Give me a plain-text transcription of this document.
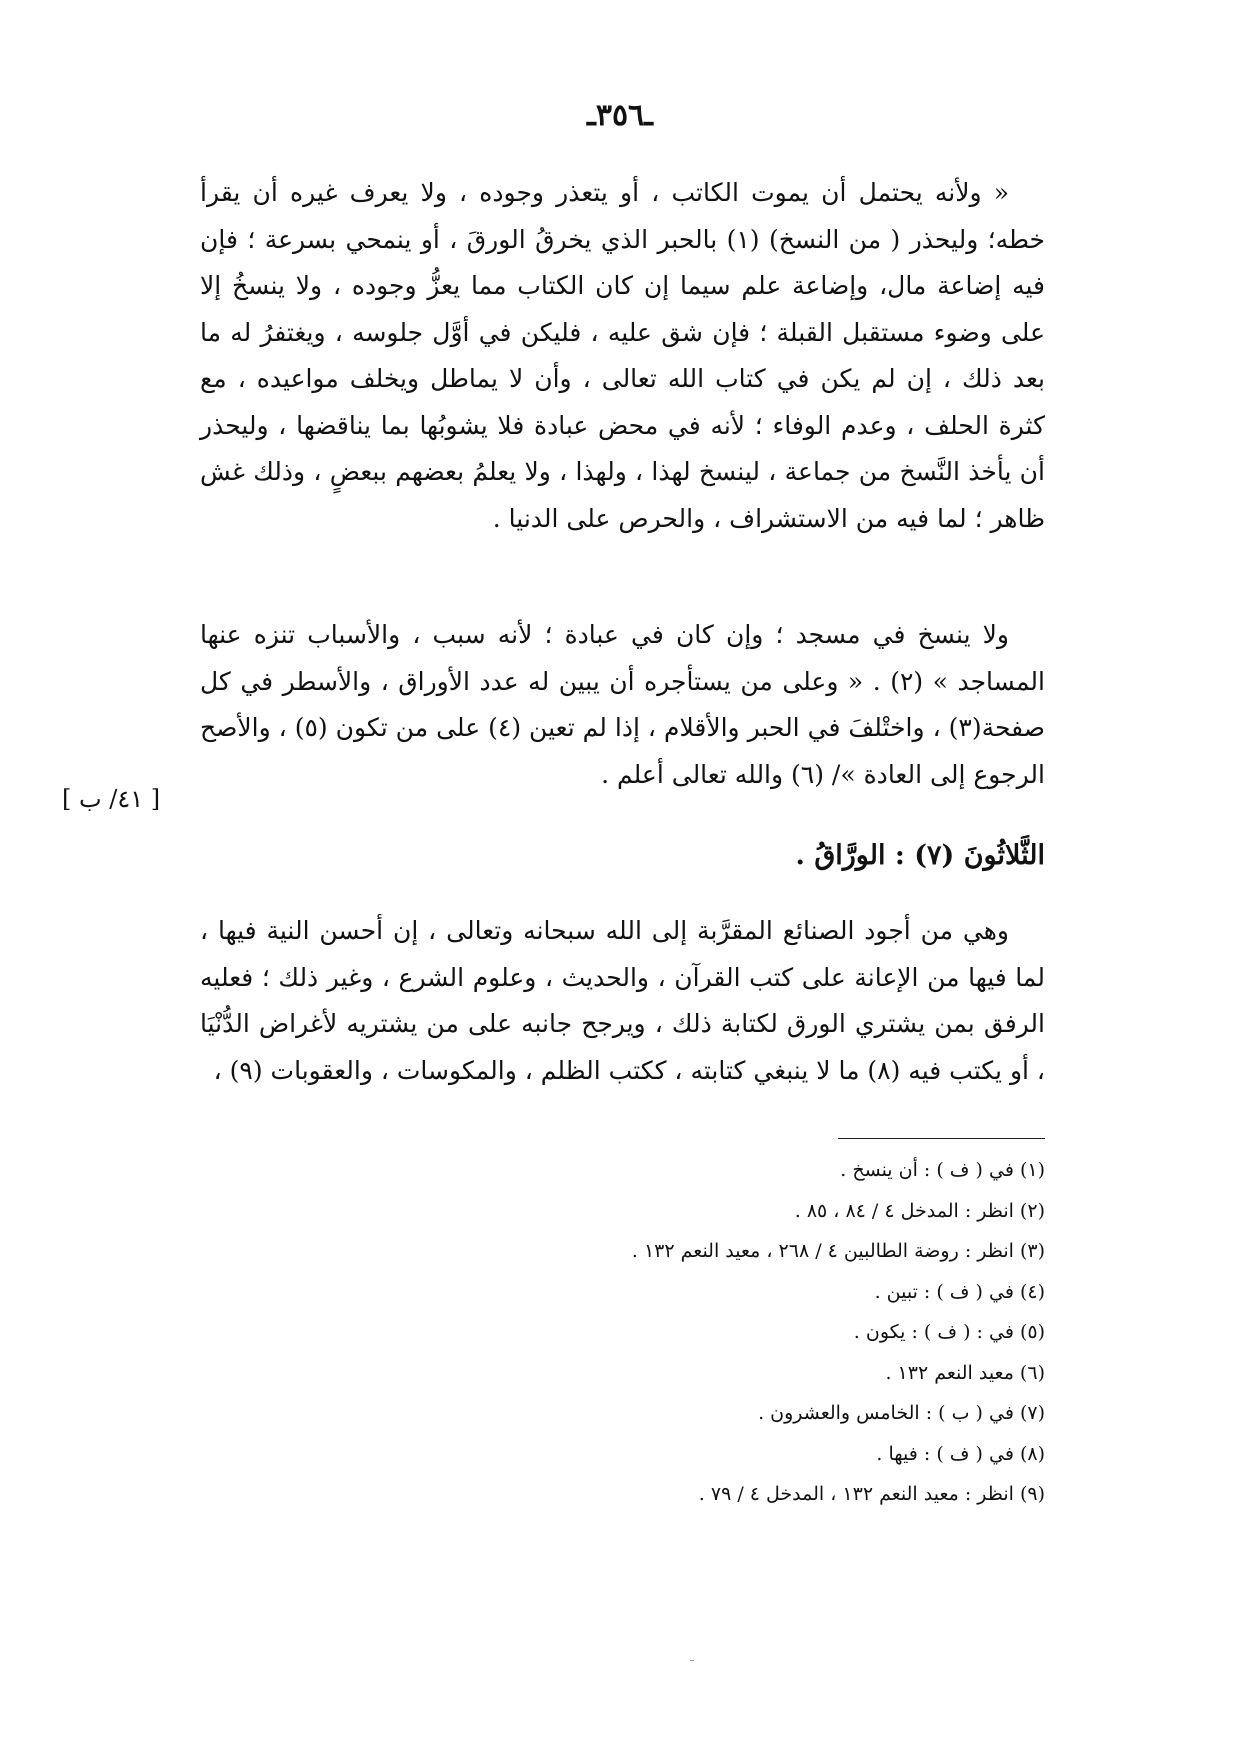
ـ٣٥٦ـ

« ولأنه يحتمل أن يموت الكاتب ، أو يتعذر وجوده ، ولا يعرف غيره أن يقرأ خطه؛ وليحذر ( من النسخ) (١) بالحبر الذي يخرقُ الورقَ ، أو ينمحي بسرعة ؛ فإن فيه إضاعة مال، وإضاعة علم سيما إن كان الكتاب مما يعزُّ وجوده ، ولا ينسخُ إلا على وضوء مستقبل القبلة ؛ فإن شق عليه ، فليكن في أوَّل جلوسه ، ويغتفرُ له ما بعد ذلك ، إن لم يكن في كتاب الله تعالى ، وأن لا يماطل ويخلف مواعيده ، مع كثرة الحلف ، وعدم الوفاء ؛ لأنه في محض عبادة فلا يشوبُها بما يناقضها ، وليحذر أن يأخذ النَّسخ من جماعة ، لينسخ لهذا ، ولهذا ، ولا يعلمُ بعضهم ببعضٍ ، وذلك غش ظاهر ؛ لما فيه من الاستشراف ، والحرص على الدنيا .

ولا ينسخ في مسجد ؛ وإن كان في عبادة ؛ لأنه سبب ، والأسباب تنزه عنها المساجد » (٢) . « وعلى من يستأجره أن يبين له عدد الأوراق ، والأسطر في كل صفحة(٣) ، واختْلفَ في الحبر والأقلام ، إذا لم تعين (٤) على من تكون (٥) ، والأصح الرجوع إلى العادة »/ (٦) والله تعالى أعلم .

[ ٤١/ ب ]
الثَّلاثُونَ (٧) : الورَّاقُ .

وهي من أجود الصنائع المقرَّبة إلى الله سبحانه وتعالى ، إن أحسن النية فيها ، لما فيها من الإعانة على كتب القرآن ، والحديث ، وعلوم الشرع ، وغير ذلك ؛ فعليه الرفق بمن يشتري الورق لكتابة ذلك ، ويرجح جانبه على من يشتريه لأغراض الدُّنْيَا ، أو يكتب فيه (٨) ما لا ينبغي كتابته ، ككتب الظلم ، والمكوسات ، والعقوبات (٩) ،

(١) في ( ف ) : أن ينسخ .
(٢) انظر : المدخل ٤ / ٨٤ ، ٨٥ .
(٣) انظر : روضة الطالبين ٤ / ٢٦٨ ، معيد النعم ١٣٢ .
(٤) في ( ف ) : تبين .
(٥) في : ( ف ) : يكون .
(٦) معيد النعم ١٣٢ .
(٧) في ( ب ) : الخامس والعشرون .
(٨) في ( ف ) : فيها .
(٩) انظر : معيد النعم ١٣٢ ، المدخل ٤ / ٧٩ .
